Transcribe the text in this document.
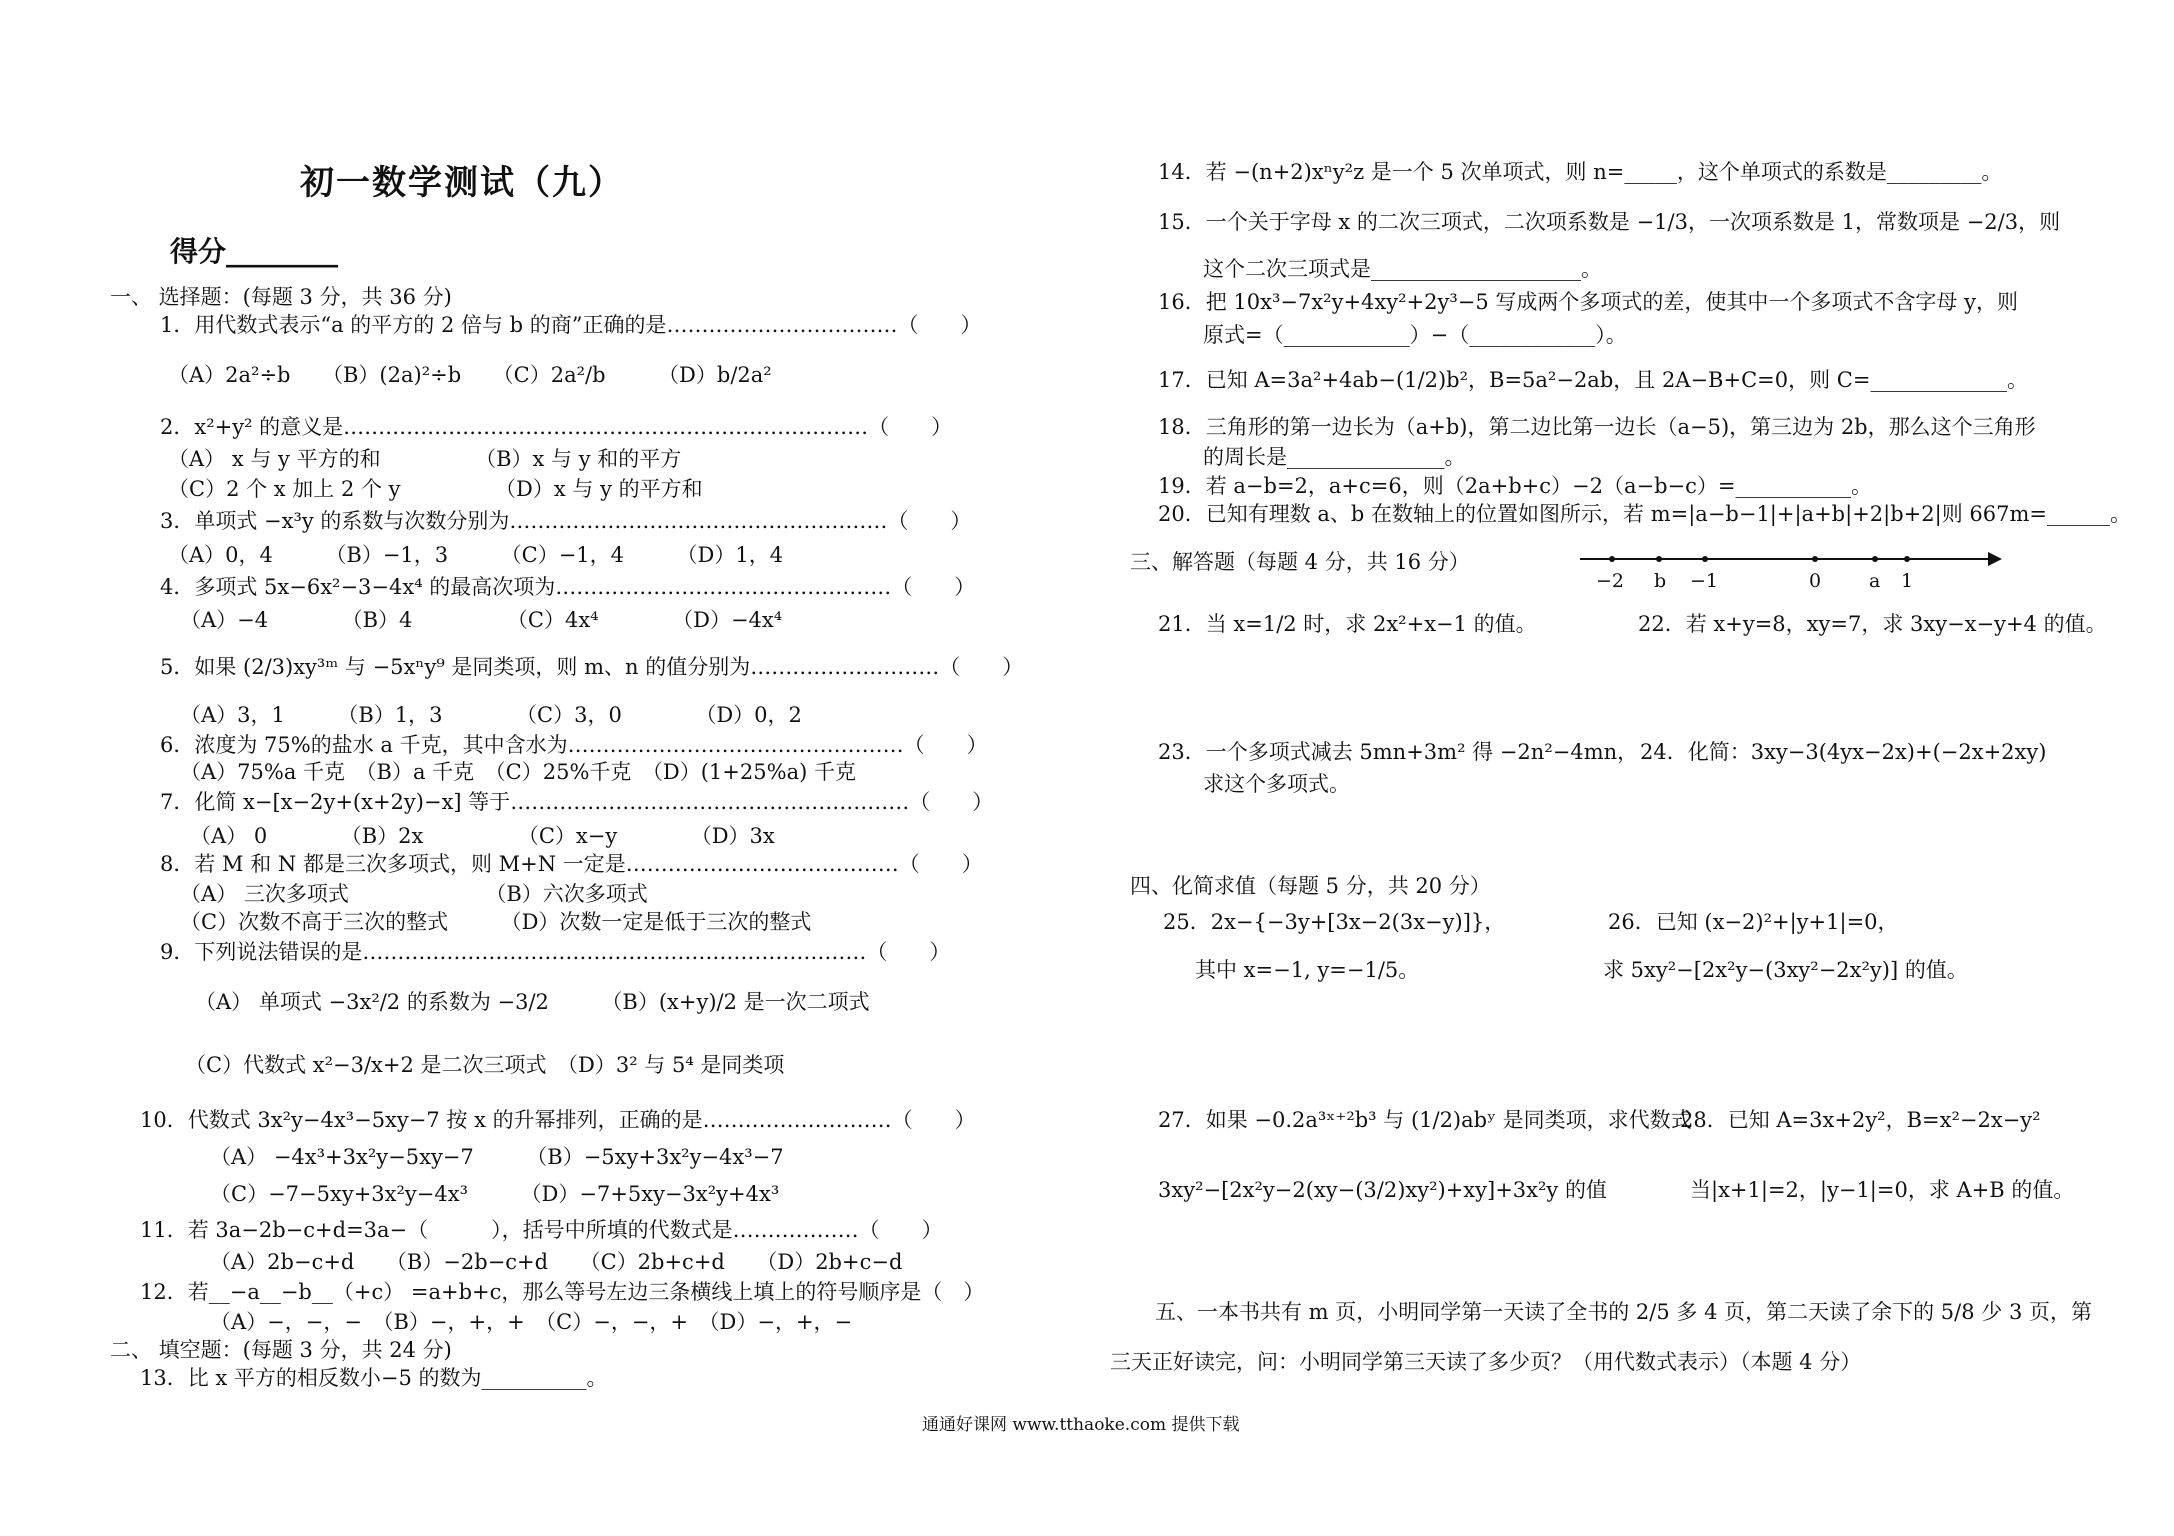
初一数学测试（九）
得分________
一、 选择题：(每题 3 分，共 36 分)
1．用代数式表示“a 的平方的 2 倍与 b 的商”正确的是……………………………（　　）
（A）2a²÷b　　（B）(2a)²÷b　　（C）2a²/b　　　（D）b/2a²
2．x²+y² 的意义是…………………………………………………………………（　　）
（A） x 与 y 平方的和　　　　　（B）x 与 y 和的平方
（C）2 个 x 加上 2 个 y　　　　　（D）x 与 y 的平方和
3．单项式 −x³y 的系数与次数分别为………………………………………………（　　）
（A）0，4　　　（B）−1，3　　　（C）−1，4　　　（D）1，4
4．多项式 5x−6x²−3−4x⁴ 的最高次项为…………………………………………（　　）
（A）−4　　　　（B）4　　　　　（C）4x⁴　　　　（D）−4x⁴
5．如果 (2/3)xy³ᵐ 与 −5xⁿy⁹ 是同类项，则 m、n 的值分别为………………………（　　）
（A）3，1　　　（B）1，3　　　　（C）3，0　　　　（D）0，2
6．浓度为 75%的盐水 a 千克，其中含水为…………………………………………（　　）
（A）75%a 千克　（B）a 千克　（C）25%千克　（D）(1+25%a) 千克
7．化简 x−[x−2y+(x+2y)−x] 等于…………………………………………………（　　）
（A） 0　　　　（B）2x　　　　　（C）x−y　　　　（D）3x
8．若 M 和 N 都是三次多项式，则 M+N 一定是…………………………………（　　）
（A） 三次多项式　　　　　　　（B）六次多项式
（C）次数不高于三次的整式　　　（D）次数一定是低于三次的整式
9．下列说法错误的是………………………………………………………………（　　）
（A） 单项式 −3x²/2 的系数为 −3/2　　　（B）(x+y)/2 是一次二项式
（C）代数式 x²−3/x+2 是二次三项式　（D）3² 与 5⁴ 是同类项
10．代数式 3x²y−4x³−5xy−7 按 x 的升幂排列，正确的是………………………（　　）
（A） −4x³+3x²y−5xy−7　　　（B）−5xy+3x²y−4x³−7
（C）−7−5xy+3x²y−4x³　　　（D）−7+5xy−3x²y+4x³
11．若 3a−2b−c+d=3a−（　　　），括号中所填的代数式是………………（　　）
（A）2b−c+d　　（B）−2b−c+d　　（C）2b+c+d　　（D）2b+c−d
12．若__−a__−b__（+c） =a+b+c，那么等号左边三条横线上填上的符号顺序是（　）
（A）−，−，−　（B）−，+，+　（C）−，−，+　（D）−，+，−
二、 填空题：(每题 3 分，共 24 分)
13．比 x 平方的相反数小−5 的数为__________。
14．若 −(n+2)xⁿy²z 是一个 5 次单项式，则 n=_____，这个单项式的系数是_________。
15．一个关于字母 x 的二次三项式，二次项系数是 −1/3，一次项系数是 1，常数项是 −2/3，则
这个二次三项式是____________________。
16．把 10x³−7x²y+4xy²+2y³−5 写成两个多项式的差，使其中一个多项式不含字母 y，则
原式=（____________）−（____________）。
17．已知 A=3a²+4ab−(1/2)b²，B=5a²−2ab，且 2A−B+C=0，则 C=_____________。
18．三角形的第一边长为（a+b)，第二边比第一边长（a−5)，第三边为 2b，那么这个三角形
的周长是_______________。
19．若 a−b=2，a+c=6，则（2a+b+c）−2（a−b−c）=___________。
20．已知有理数 a、b 在数轴上的位置如图所示，若 m=|a−b−1|+|a+b|+2|b+2|则 667m=______。
三、解答题（每题 4 分，共 16 分）
−2 b −1	0	a 1
21．当 x=1/2 时，求 2x²+x−1 的值。	22．若 x+y=8，xy=7，求 3xy−x−y+4 的值。
23．一个多项式减去 5mn+3m² 得 −2n²−4mn，
求这个多项式。
24．化简：3xy−3(4yx−2x)+(−2x+2xy)
四、化简求值（每题 5 分，共 20 分）
25．2x−{−3y+[3x−2(3x−y)]}，
其中 x=−1, y=−1/5。
26．已知 (x−2)²+|y+1|=0，
求 5xy²−[2x²y−(3xy²−2x²y)] 的值。
27．如果 −0.2a³ˣ⁺²b³ 与 (1/2)abʸ 是同类项，求代数式
3xy²−[2x²y−2(xy−(3/2)xy²)+xy]+3x²y 的值
28．已知 A=3x+2y²，B=x²−2x−y²
当|x+1|=2，|y−1|=0，求 A+B 的值。
五、一本书共有 m 页，小明同学第一天读了全书的 2/5 多 4 页，第二天读了余下的 5/8 少 3 页，第
三天正好读完，问：小明同学第三天读了多少页？（用代数式表示）（本题 4 分）
通通好课网 www.tthaoke.com 提供下载
